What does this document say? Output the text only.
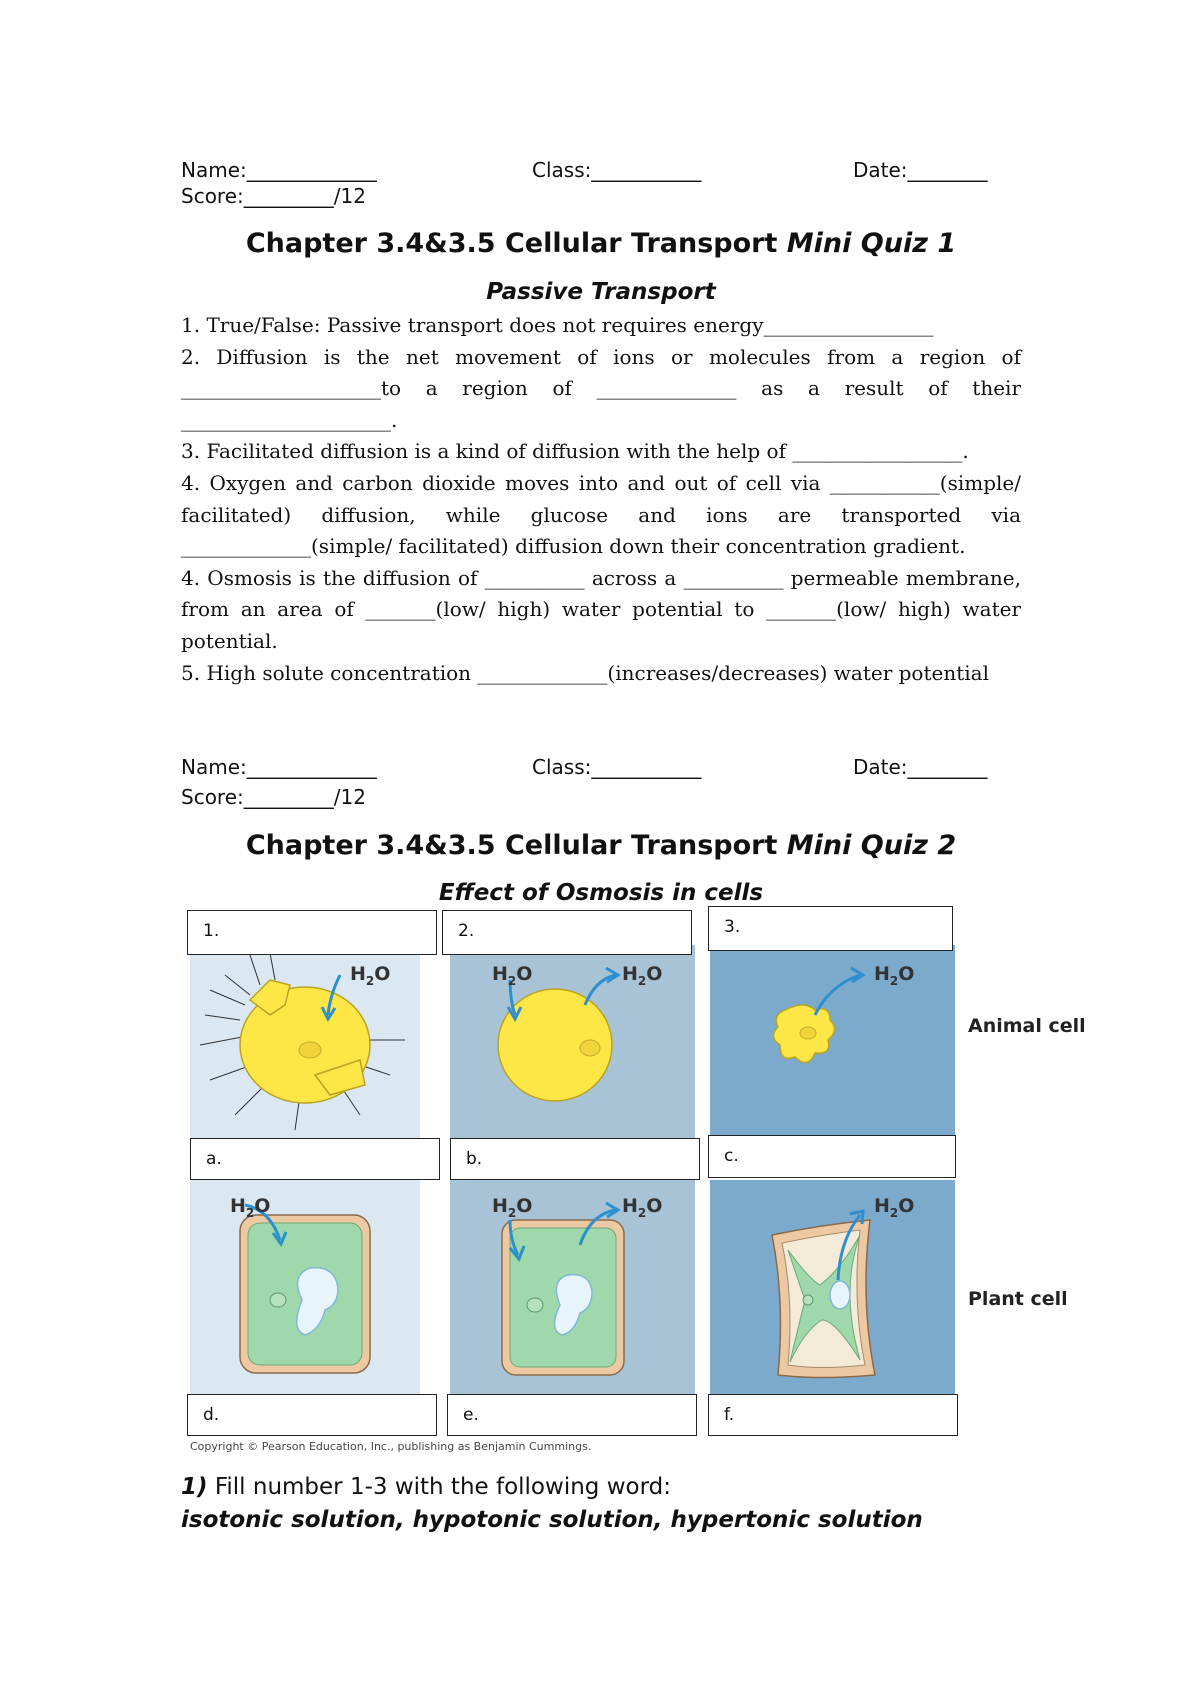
Name:_____________	Class:___________	Date:________
Score:_________/12
Chapter 3.4&3.5 Cellular Transport Mini Quiz 1
Passive Transport

1. True/False: Passive transport does not requires energy_________________

2. Diffusion is the net movement of ions or molecules from a region of ____________________to a region of ______________ as a result of their _____________________.

3. Facilitated diffusion is a kind of diffusion with the help of _________________.

4. Oxygen and carbon dioxide moves into and out of cell via ___________(simple/ facilitated) diffusion, while glucose and ions are transported via _____________(simple/ facilitated) diffusion down their concentration gradient.

4. Osmosis is the diffusion of __________ across a __________ permeable membrane, from an area of _______(low/ high) water potential to _______(low/ high) water potential.

5. High solute concentration _____________(increases/decreases) water potential

Name:_____________	Class:___________	Date:________
Score:_________/12
Chapter 3.4&3.5 Cellular Transport Mini Quiz 2
Effect of Osmosis in cells
$H_2O$	$H_2O$	$H_2O$	$H_2O$
$H_2O$	$H_2O$	$H_2O$	$H_2O$
1.	2.	3.
a.	b.	c.
d.	e.	f.
Animal cell
Plant cell
Copyright © Pearson Education, Inc., publishing as Benjamin Cummings.
1) Fill number 1-3 with the following word:
isotonic solution, hypotonic solution, hypertonic solution
